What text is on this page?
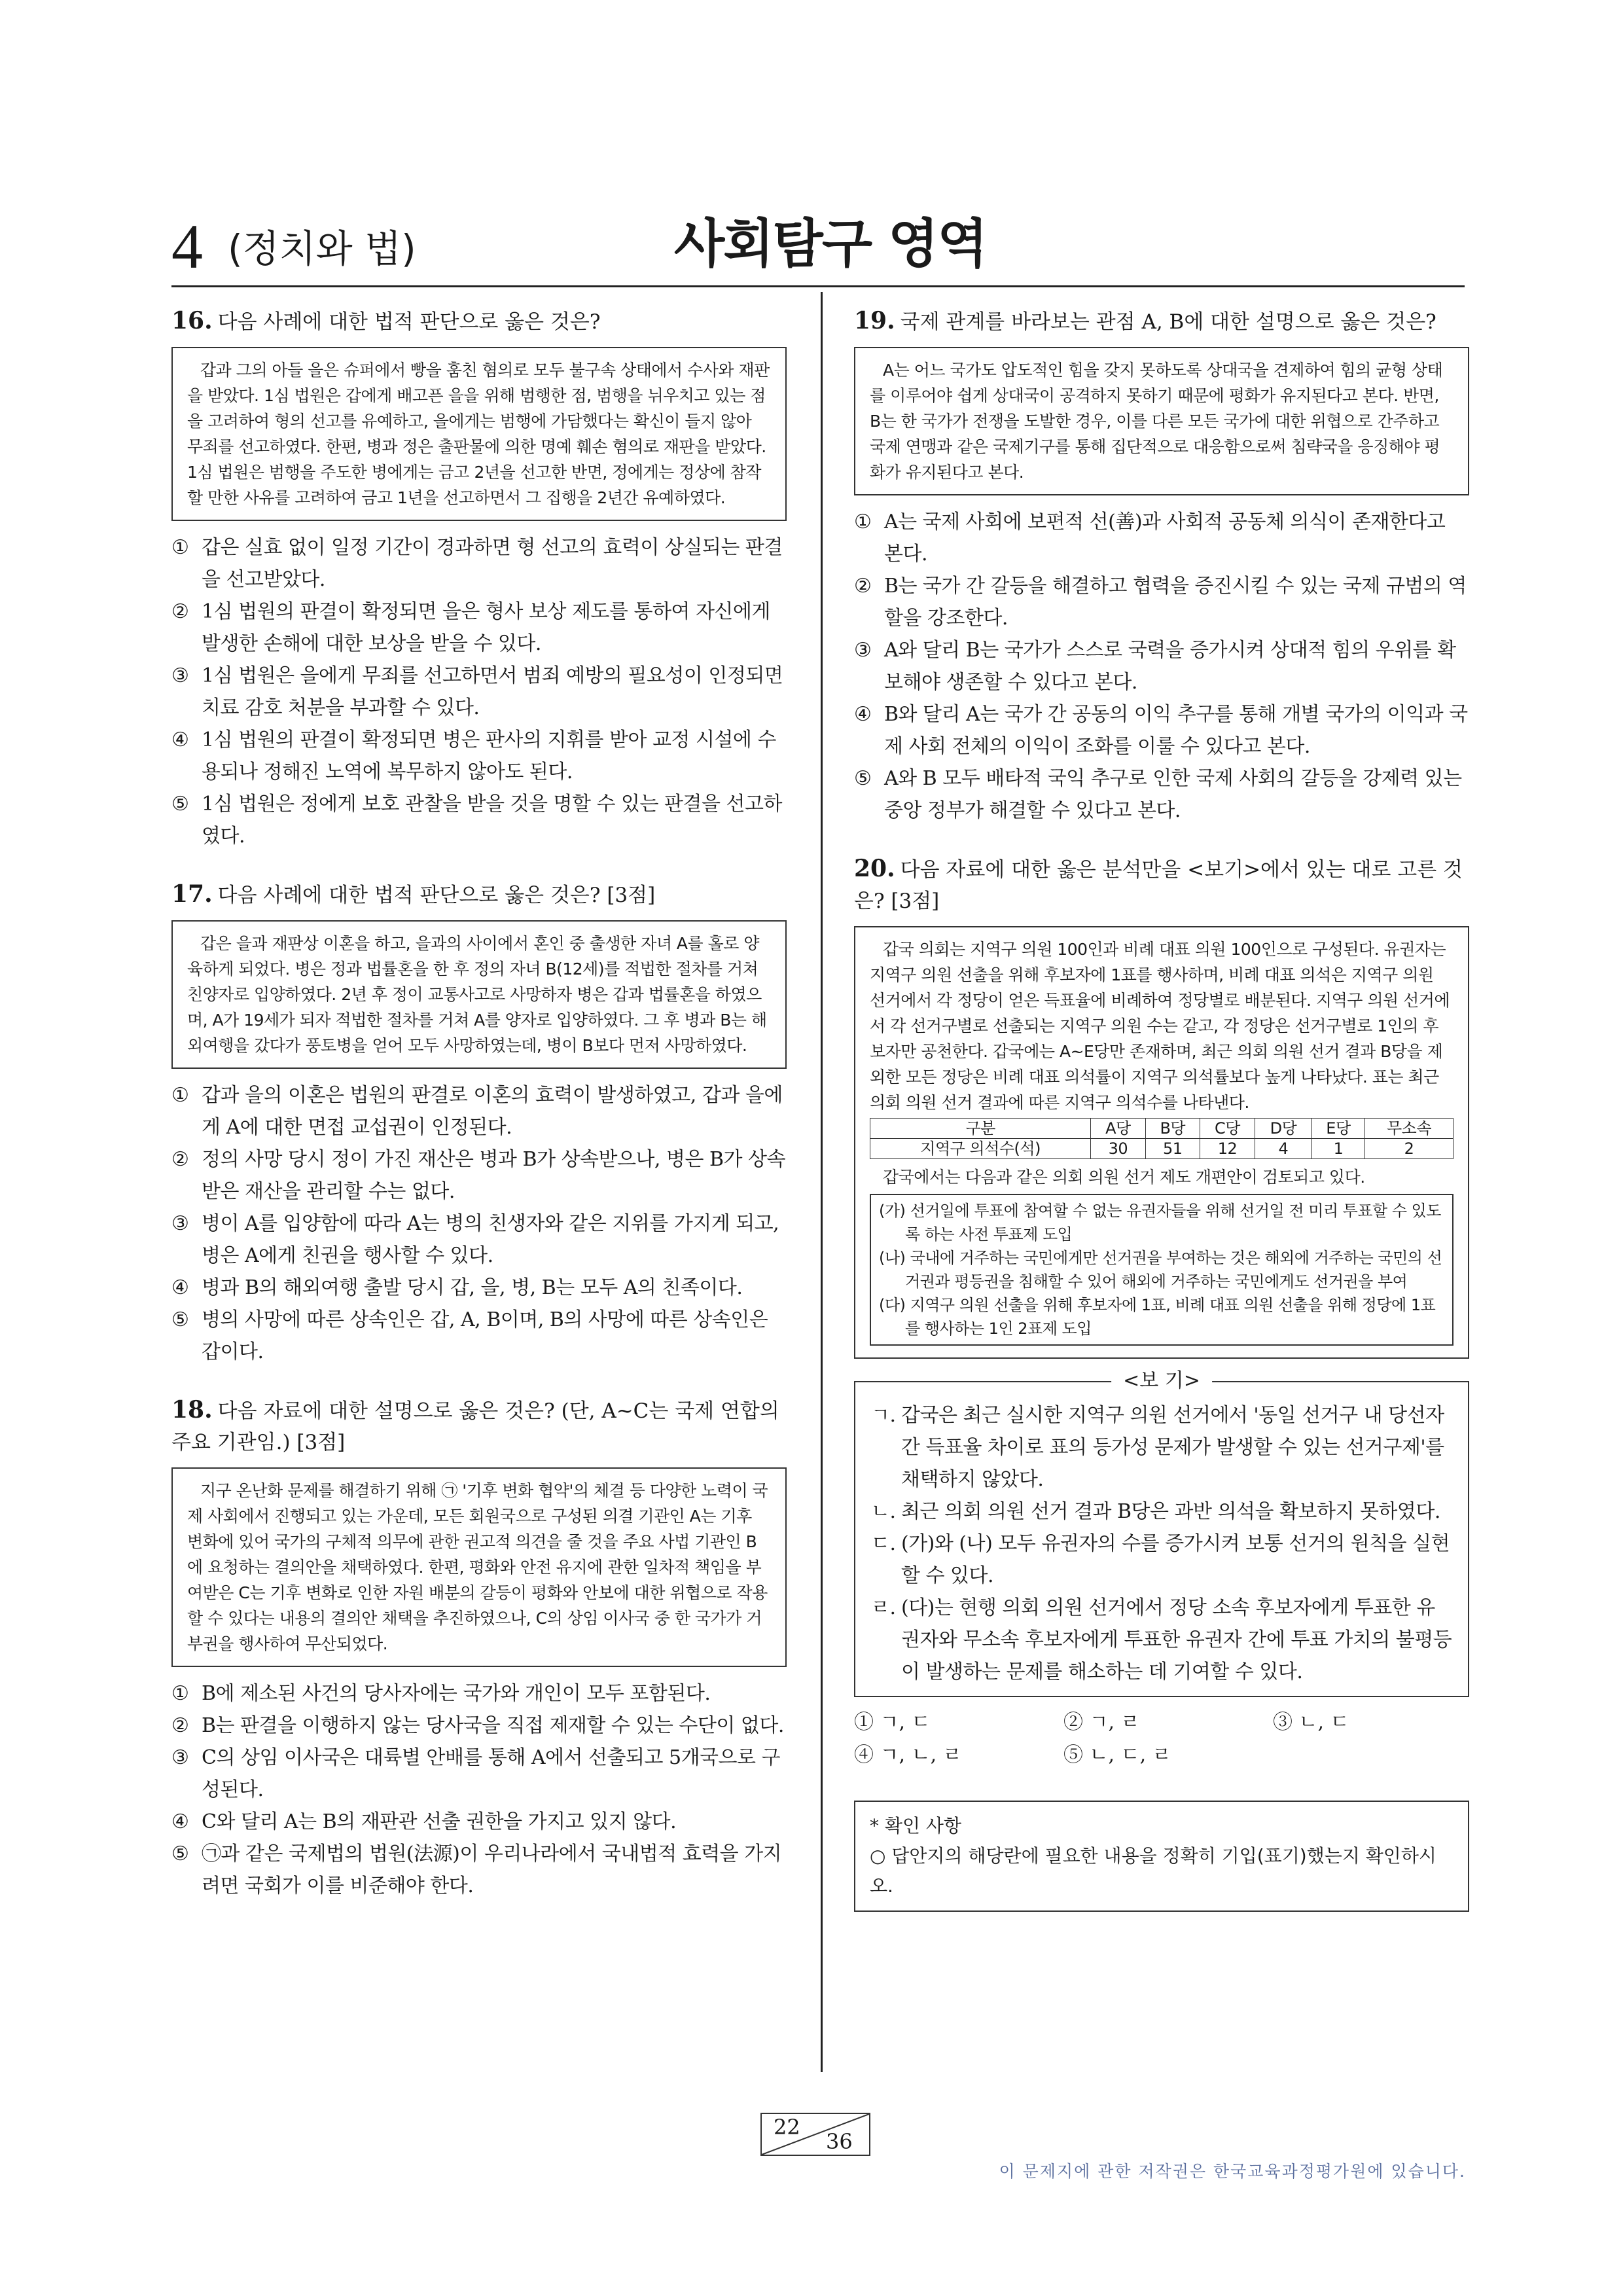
4 (정치와 법)	사회탐구 영역

16. 다음 사례에 대한 법적 판단으로 옳은 것은?

갑과 그의 아들 을은 슈퍼에서 빵을 훔친 혐의로 모두 불구속 상태에서 수사와 재판을 받았다. 1심 법원은 갑에게 배고픈 을을 위해 범행한 점, 범행을 뉘우치고 있는 점을 고려하여 형의 선고를 유예하고, 을에게는 범행에 가담했다는 확신이 들지 않아 무죄를 선고하였다. 한편, 병과 정은 출판물에 의한 명예 훼손 혐의로 재판을 받았다. 1심 법원은 범행을 주도한 병에게는 금고 2년을 선고한 반면, 정에게는 정상에 참작할 만한 사유를 고려하여 금고 1년을 선고하면서 그 집행을 2년간 유예하였다.
① 갑은 실효 없이 일정 기간이 경과하면 형 선고의 효력이 상실되는 판결을 선고받았다.
② 1심 법원의 판결이 확정되면 을은 형사 보상 제도를 통하여 자신에게 발생한 손해에 대한 보상을 받을 수 있다.
③ 1심 법원은 을에게 무죄를 선고하면서 범죄 예방의 필요성이 인정되면 치료 감호 처분을 부과할 수 있다.
④ 1심 법원의 판결이 확정되면 병은 판사의 지휘를 받아 교정 시설에 수용되나 정해진 노역에 복무하지 않아도 된다.
⑤ 1심 법원은 정에게 보호 관찰을 받을 것을 명할 수 있는 판결을 선고하였다.

17. 다음 사례에 대한 법적 판단으로 옳은 것은? [3점]

갑은 을과 재판상 이혼을 하고, 을과의 사이에서 혼인 중 출생한 자녀 A를 홀로 양육하게 되었다. 병은 정과 법률혼을 한 후 정의 자녀 B(12세)를 적법한 절차를 거쳐 친양자로 입양하였다. 2년 후 정이 교통사고로 사망하자 병은 갑과 법률혼을 하였으며, A가 19세가 되자 적법한 절차를 거쳐 A를 양자로 입양하였다. 그 후 병과 B는 해외여행을 갔다가 풍토병을 얻어 모두 사망하였는데, 병이 B보다 먼저 사망하였다.
① 갑과 을의 이혼은 법원의 판결로 이혼의 효력이 발생하였고, 갑과 을에게 A에 대한 면접 교섭권이 인정된다.
② 정의 사망 당시 정이 가진 재산은 병과 B가 상속받으나, 병은 B가 상속받은 재산을 관리할 수는 없다.
③ 병이 A를 입양함에 따라 A는 병의 친생자와 같은 지위를 가지게 되고, 병은 A에게 친권을 행사할 수 있다.
④ 병과 B의 해외여행 출발 당시 갑, 을, 병, B는 모두 A의 친족이다.
⑤ 병의 사망에 따른 상속인은 갑, A, B이며, B의 사망에 따른 상속인은 갑이다.

18. 다음 자료에 대한 설명으로 옳은 것은? (단, A~C는 국제 연합의 주요 기관임.) [3점]

지구 온난화 문제를 해결하기 위해 ㉠ '기후 변화 협약'의 체결 등 다양한 노력이 국제 사회에서 진행되고 있는 가운데, 모든 회원국으로 구성된 의결 기관인 A는 기후 변화에 있어 국가의 구체적 의무에 관한 권고적 의견을 줄 것을 주요 사법 기관인 B에 요청하는 결의안을 채택하였다. 한편, 평화와 안전 유지에 관한 일차적 책임을 부여받은 C는 기후 변화로 인한 자원 배분의 갈등이 평화와 안보에 대한 위협으로 작용할 수 있다는 내용의 결의안 채택을 추진하였으나, C의 상임 이사국 중 한 국가가 거부권을 행사하여 무산되었다.
① B에 제소된 사건의 당사자에는 국가와 개인이 모두 포함된다.
② B는 판결을 이행하지 않는 당사국을 직접 제재할 수 있는 수단이 없다.
③ C의 상임 이사국은 대륙별 안배를 통해 A에서 선출되고 5개국으로 구성된다.
④ C와 달리 A는 B의 재판관 선출 권한을 가지고 있지 않다.
⑤ ㉠과 같은 국제법의 법원(法源)이 우리나라에서 국내법적 효력을 가지려면 국회가 이를 비준해야 한다.

19. 국제 관계를 바라보는 관점 A, B에 대한 설명으로 옳은 것은?

A는 어느 국가도 압도적인 힘을 갖지 못하도록 상대국을 견제하여 힘의 균형 상태를 이루어야 쉽게 상대국이 공격하지 못하기 때문에 평화가 유지된다고 본다. 반면, B는 한 국가가 전쟁을 도발한 경우, 이를 다른 모든 국가에 대한 위협으로 간주하고 국제 연맹과 같은 국제기구를 통해 집단적으로 대응함으로써 침략국을 응징해야 평화가 유지된다고 본다.
① A는 국제 사회에 보편적 선(善)과 사회적 공동체 의식이 존재한다고 본다.
② B는 국가 간 갈등을 해결하고 협력을 증진시킬 수 있는 국제 규범의 역할을 강조한다.
③ A와 달리 B는 국가가 스스로 국력을 증가시켜 상대적 힘의 우위를 확보해야 생존할 수 있다고 본다.
④ B와 달리 A는 국가 간 공동의 이익 추구를 통해 개별 국가의 이익과 국제 사회 전체의 이익이 조화를 이룰 수 있다고 본다.
⑤ A와 B 모두 배타적 국익 추구로 인한 국제 사회의 갈등을 강제력 있는 중앙 정부가 해결할 수 있다고 본다.

20. 다음 자료에 대한 옳은 분석만을 <보기>에서 있는 대로 고른 것은? [3점]

갑국 의회는 지역구 의원 100인과 비례 대표 의원 100인으로 구성된다. 유권자는 지역구 의원 선출을 위해 후보자에 1표를 행사하며, 비례 대표 의석은 지역구 의원 선거에서 각 정당이 얻은 득표율에 비례하여 정당별로 배분된다. 지역구 의원 선거에서 각 선거구별로 선출되는 지역구 의원 수는 같고, 각 정당은 선거구별로 1인의 후보자만 공천한다. 갑국에는 A~E당만 존재하며, 최근 의회 의원 선거 결과 B당을 제외한 모든 정당은 비례 대표 의석률이 지역구 의석률보다 높게 나타났다. 표는 최근 의회 의원 선거 결과에 따른 지역구 의석수를 나타낸다.
구분	A당	B당	C당	D당	E당	무소속
지역구 의석수(석)	30	51	12	4	1	2
갑국에서는 다음과 같은 의회 의원 선거 제도 개편안이 검토되고 있다.
(가) 선거일에 투표에 참여할 수 없는 유권자들을 위해 선거일 전 미리 투표할 수 있도록 하는 사전 투표제 도입
(나) 국내에 거주하는 국민에게만 선거권을 부여하는 것은 해외에 거주하는 국민의 선거권과 평등권을 침해할 수 있어 해외에 거주하는 국민에게도 선거권을 부여
(다) 지역구 의원 선출을 위해 후보자에 1표, 비례 대표 의원 선출을 위해 정당에 1표를 행사하는 1인 2표제 도입
<보 기>
ㄱ. 갑국은 최근 실시한 지역구 의원 선거에서 '동일 선거구 내 당선자 간 득표율 차이로 표의 등가성 문제가 발생할 수 있는 선거구제'를 채택하지 않았다.
ㄴ. 최근 의회 의원 선거 결과 B당은 과반 의석을 확보하지 못하였다.
ㄷ. (가)와 (나) 모두 유권자의 수를 증가시켜 보통 선거의 원칙을 실현할 수 있다.
ㄹ. (다)는 현행 의회 의원 선거에서 정당 소속 후보자에게 투표한 유권자와 무소속 후보자에게 투표한 유권자 간에 투표 가치의 불평등이 발생하는 문제를 해소하는 데 기여할 수 있다.
① ㄱ, ㄷ	② ㄱ, ㄹ	③ ㄴ, ㄷ
④ ㄱ, ㄴ, ㄹ	⑤ ㄴ, ㄷ, ㄹ
* 확인 사항
○ 답안지의 해당란에 필요한 내용을 정확히 기입(표기)했는지 확인하시오.
22
36
이 문제지에 관한 저작권은 한국교육과정평가원에 있습니다.
